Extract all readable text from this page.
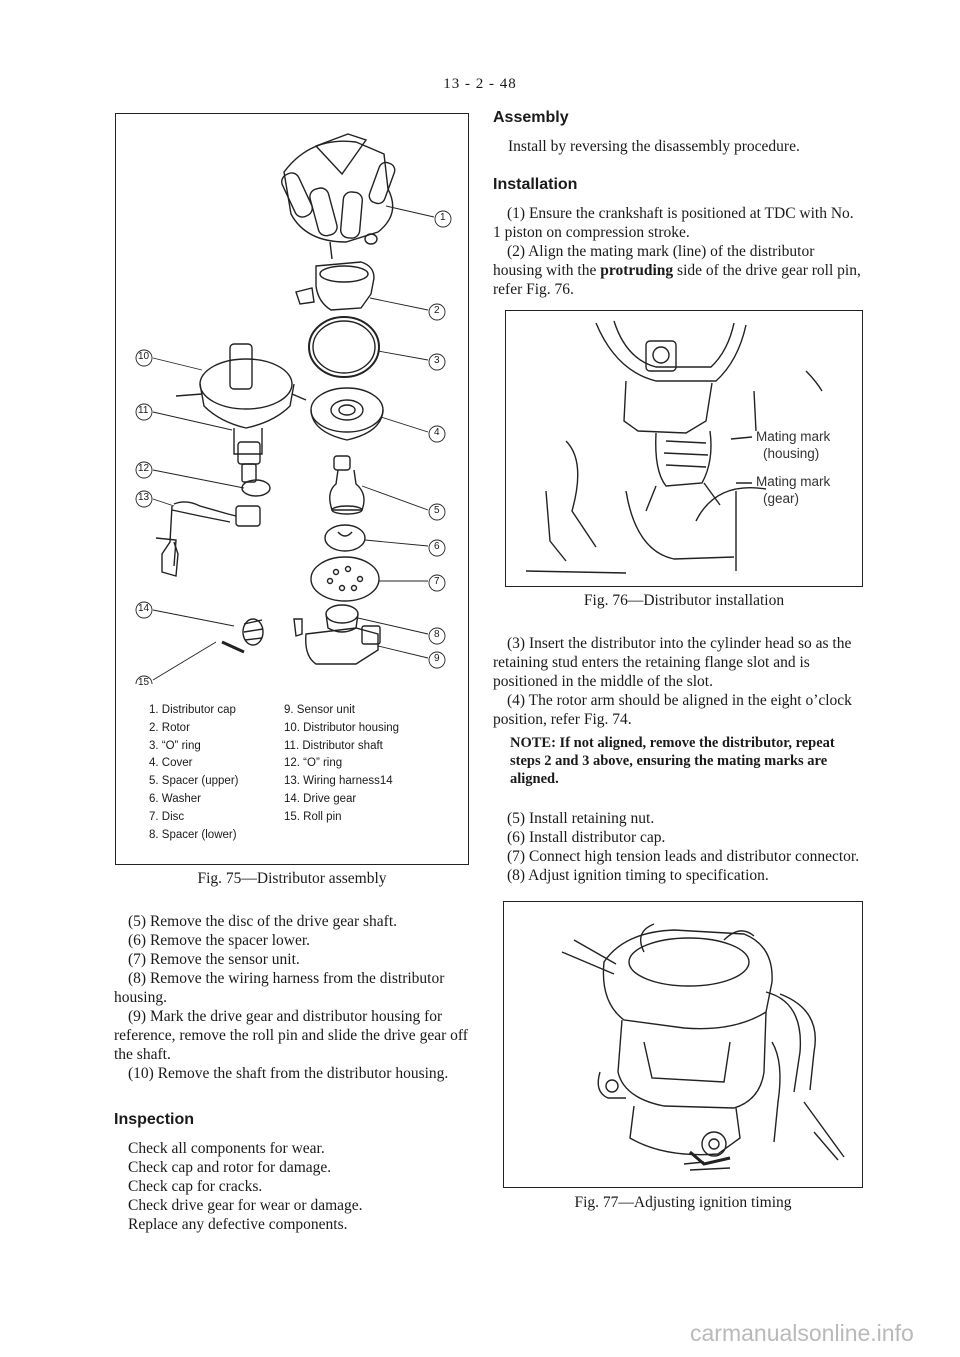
13 - 2 - 48
1
2
3
4
5
6
7
8
9
10
11
12
13
14
15
1. Distributor cap
2. Rotor
3. “O” ring
4. Cover
5. Spacer (upper)
6. Washer
7. Disc
8. Spacer (lower)
9. Sensor unit
10. Distributor housing
11. Distributor shaft
12. “O” ring
13. Wiring harness14
14. Drive gear
15. Roll pin
Fig. 75—Distributor assembly

(5) Remove the disc of the drive gear shaft.

(6) Remove the spacer lower.

(7) Remove the sensor unit.

(8) Remove the wiring harness from the distributor housing.

(9) Mark the drive gear and distributor housing for reference, remove the roll pin and slide the drive gear off the shaft.

(10) Remove the shaft from the distributor housing.

Inspection

Check all components for wear.

Check cap and rotor for damage.

Check cap for cracks.

Check drive gear for wear or damage.

Replace any defective components.

Assembly
Install by reversing the disassembly procedure.
Installation

(1) Ensure the crankshaft is positioned at TDC with No. 1 piston on compression stroke.

(2) Align the mating mark (line) of the distributor housing with the protruding side of the drive gear roll pin, refer Fig. 76.

Mating mark
(housing)
Mating mark
(gear)
Fig. 76—Distributor installation

(3) Insert the distributor into the cylinder head so as the retaining stud enters the retaining flange slot and is positioned in the middle of the slot.

(4) The rotor arm should be aligned in the eight o’clock position, refer Fig. 74.

NOTE: If not aligned, remove the distributor, repeat steps 2 and 3 above, ensuring the mating marks are aligned.

(5) Install retaining nut.

(6) Install distributor cap.

(7) Connect high tension leads and distributor connector.

(8) Adjust ignition timing to specification.

Fig. 77—Adjusting ignition timing
carmanualsonline.info
